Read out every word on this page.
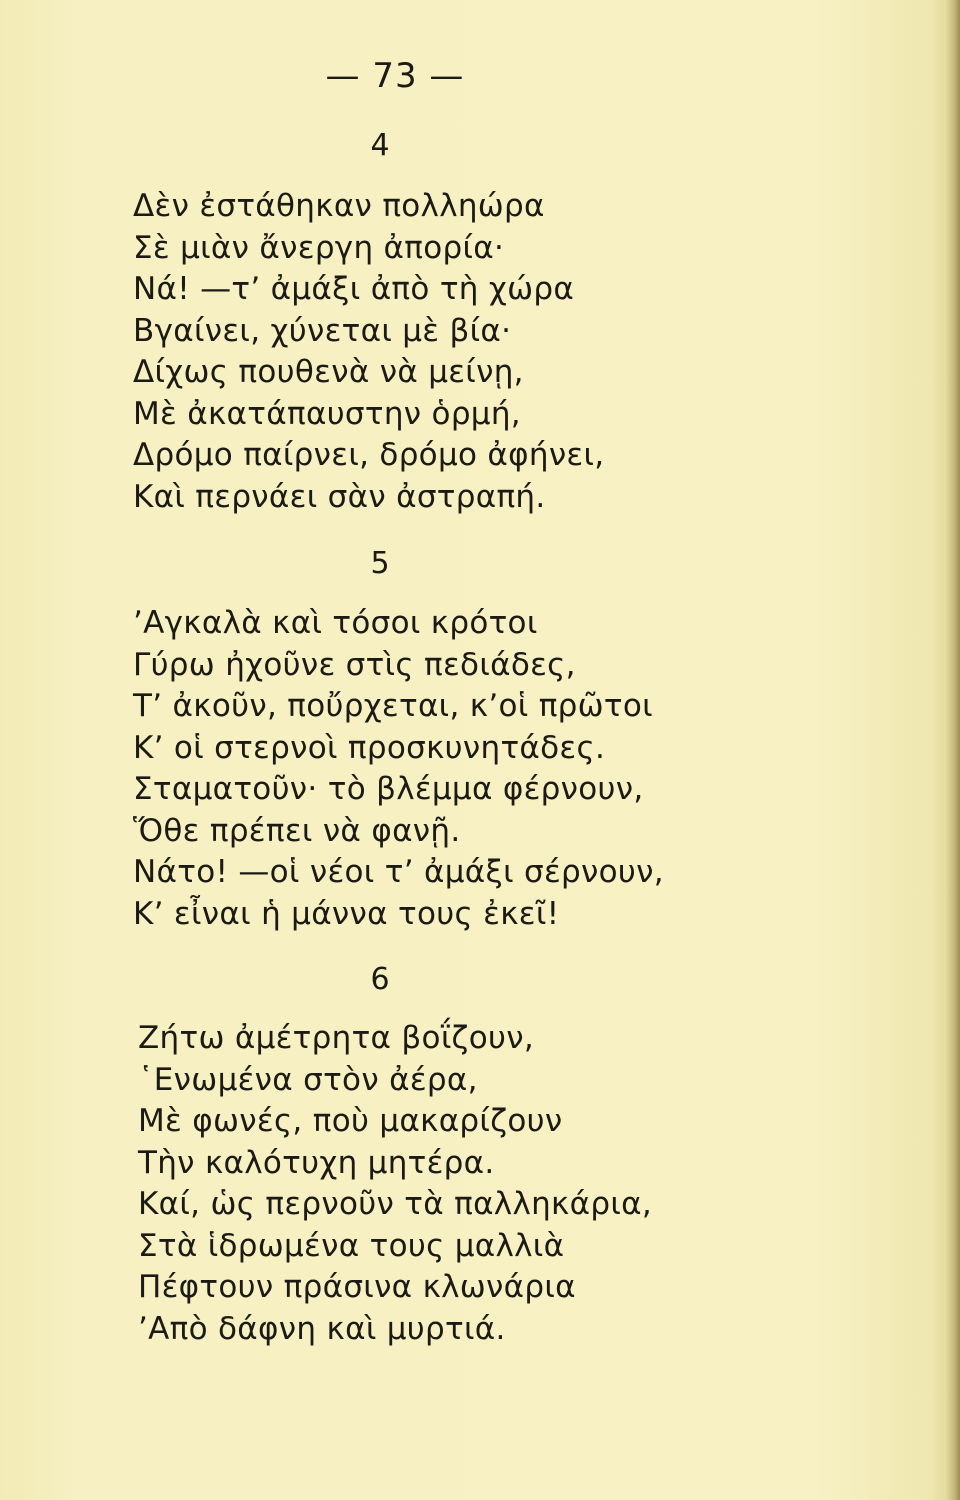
— 73 —
4
Δὲν ἐστάθηκαν πολληώρα
Σὲ μιὰν ἄνεργη ἀπορία·
Νά! —τ’ ἀμάξι ἀπὸ τὴ χώρα
Βγαίνει, χύνεται μὲ βία·
Δίχως πουθενὰ νὰ μείνῃ,
Μὲ ἀκατάπαυστην ὁρμή,
Δρόμο παίρνει, δρόμο ἀφήνει,
Καὶ περνάει σὰν ἀστραπή.
5
’Αγκαλὰ καὶ τόσοι κρότοι
Γύρω ἠχοῦνε στὶς πεδιάδες,
Τ’ ἀκοῦν, ποὔρχεται, κ’οἱ πρῶτοι
Κ’ οἱ στερνοὶ προσκυνητάδες.
Σταματοῦν· τὸ βλέμμα φέρνουν,
Ὅθε πρέπει νὰ φανῇ.
Νάτο! —οἱ νέοι τ’ ἀμάξι σέρνουν,
Κ’ εἶναι ἡ μάννα τους ἐκεῖ!
6
Ζήτω ἀμέτρητα βοΐζουν,
῾Ενωμένα στὸν ἀέρα,
Μὲ φωνές, ποὺ μακαρίζουν
Τὴν καλότυχη μητέρα.
Καί, ὡς περνοῦν τὰ παλληκάρια,
Στὰ ἱδρωμένα τους μαλλιὰ
Πέφτουν πράσινα κλωνάρια
’Απὸ δάφνη καὶ μυρτιά.
